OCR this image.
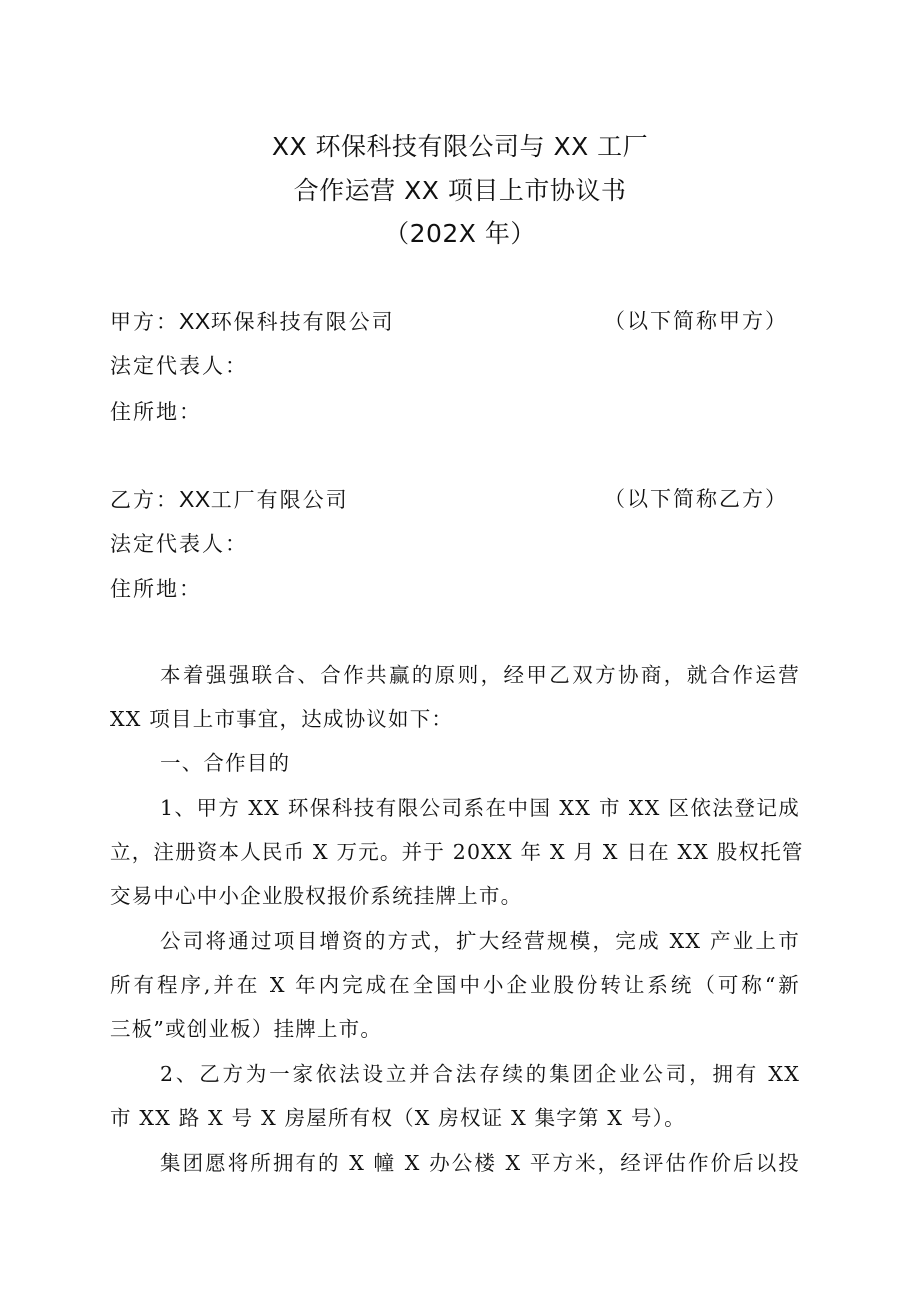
XX 环保科技有限公司与 XX 工厂
合作运营 XX 项目上市协议书
（202X 年）
甲方：XX环保科技有限公司	（以下简称甲方）
法定代表人：
住所地：
乙方：XX工厂有限公司	（以下简称乙方）
法定代表人：
住所地：
本着强强联合、合作共赢的原则，经甲乙双方协商，就合作运营
XX 项目上市事宜，达成协议如下：
一、合作目的
1、甲方 XX 环保科技有限公司系在中国 XX 市 XX 区依法登记成
立，注册资本人民币 X 万元。并于 20XX 年 X 月 X 日在 XX 股权托管
交易中心中小企业股权报价系统挂牌上市。
公司将通过项目增资的方式，扩大经营规模，完成 XX 产业上市
所有程序,并在 X 年内完成在全国中小企业股份转让系统（可称“新
三板”或创业板）挂牌上市。
2、乙方为一家依法设立并合法存续的集团企业公司，拥有 XX
市 XX 路 X 号 X 房屋所有权（X 房权证 X 集字第 X 号）。
集团愿将所拥有的 X 幢 X 办公楼 X 平方米，经评估作价后以投
